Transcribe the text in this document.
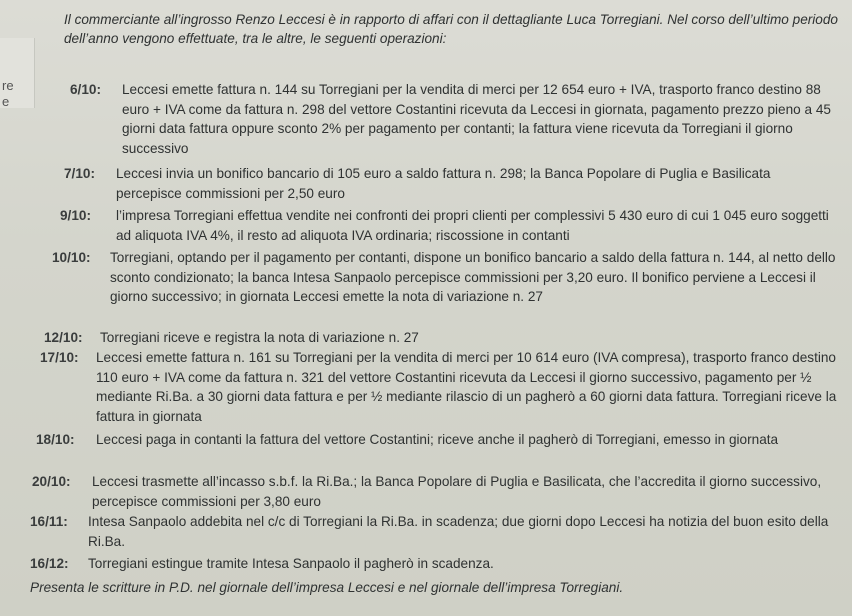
re
e
Il commerciante all’ingrosso Renzo Leccesi è in rapporto di affari con il dettagliante Luca Torregiani. Nel corso dell’ultimo periodo dell’anno vengono effettuate, tra le altre, le seguenti operazioni:
6/10: Leccesi emette fattura n. 144 su Torregiani per la vendita di merci per 12 654 euro + IVA, trasporto franco destino 88 euro + IVA come da fattura n. 298 del vettore Costantini ricevuta da Leccesi in giornata, pagamento prezzo pieno a 45 giorni data fattura oppure sconto 2% per pagamento per contanti; la fattura viene ricevuta da Torregiani il giorno successivo
7/10: Leccesi invia un bonifico bancario di 105 euro a saldo fattura n. 298; la Banca Popolare di Puglia e Basilicata percepisce commissioni per 2,50 euro
9/10: l’impresa Torregiani effettua vendite nei confronti dei propri clienti per complessivi 5 430 euro di cui 1 045 euro soggetti ad aliquota IVA 4%, il resto ad aliquota IVA ordinaria; riscossione in contanti
10/10: Torregiani, optando per il pagamento per contanti, dispone un bonifico bancario a saldo della fattura n. 144, al netto dello sconto condizionato; la banca Intesa Sanpaolo percepisce commissioni per 3,20 euro. Il bonifico perviene a Leccesi il giorno successivo; in giornata Leccesi emette la nota di variazione n. 27
12/10: Torregiani riceve e registra la nota di variazione n. 27
17/10: Leccesi emette fattura n. 161 su Torregiani per la vendita di merci per 10 614 euro (IVA compresa), trasporto franco destino 110 euro + IVA come da fattura n. 321 del vettore Costantini ricevuta da Leccesi il giorno successivo, pagamento per ½ mediante Ri.Ba. a 30 giorni data fattura e per ½ mediante rilascio di un pagherò a 60 giorni data fattura. Torregiani riceve la fattura in giornata
18/10: Leccesi paga in contanti la fattura del vettore Costantini; riceve anche il pagherò di Torregiani, emesso in giornata
20/10: Leccesi trasmette all’incasso s.b.f. la Ri.Ba.; la Banca Popolare di Puglia e Basilicata, che l’accredita il giorno successivo, percepisce commissioni per 3,80 euro
16/11: Intesa Sanpaolo addebita nel c/c di Torregiani la Ri.Ba. in scadenza; due giorni dopo Leccesi ha notizia del buon esito della Ri.Ba.
16/12: Torregiani estingue tramite Intesa Sanpaolo il pagherò in scadenza.
Presenta le scritture in P.D. nel giornale dell’impresa Leccesi e nel giornale dell’impresa Torregiani.
